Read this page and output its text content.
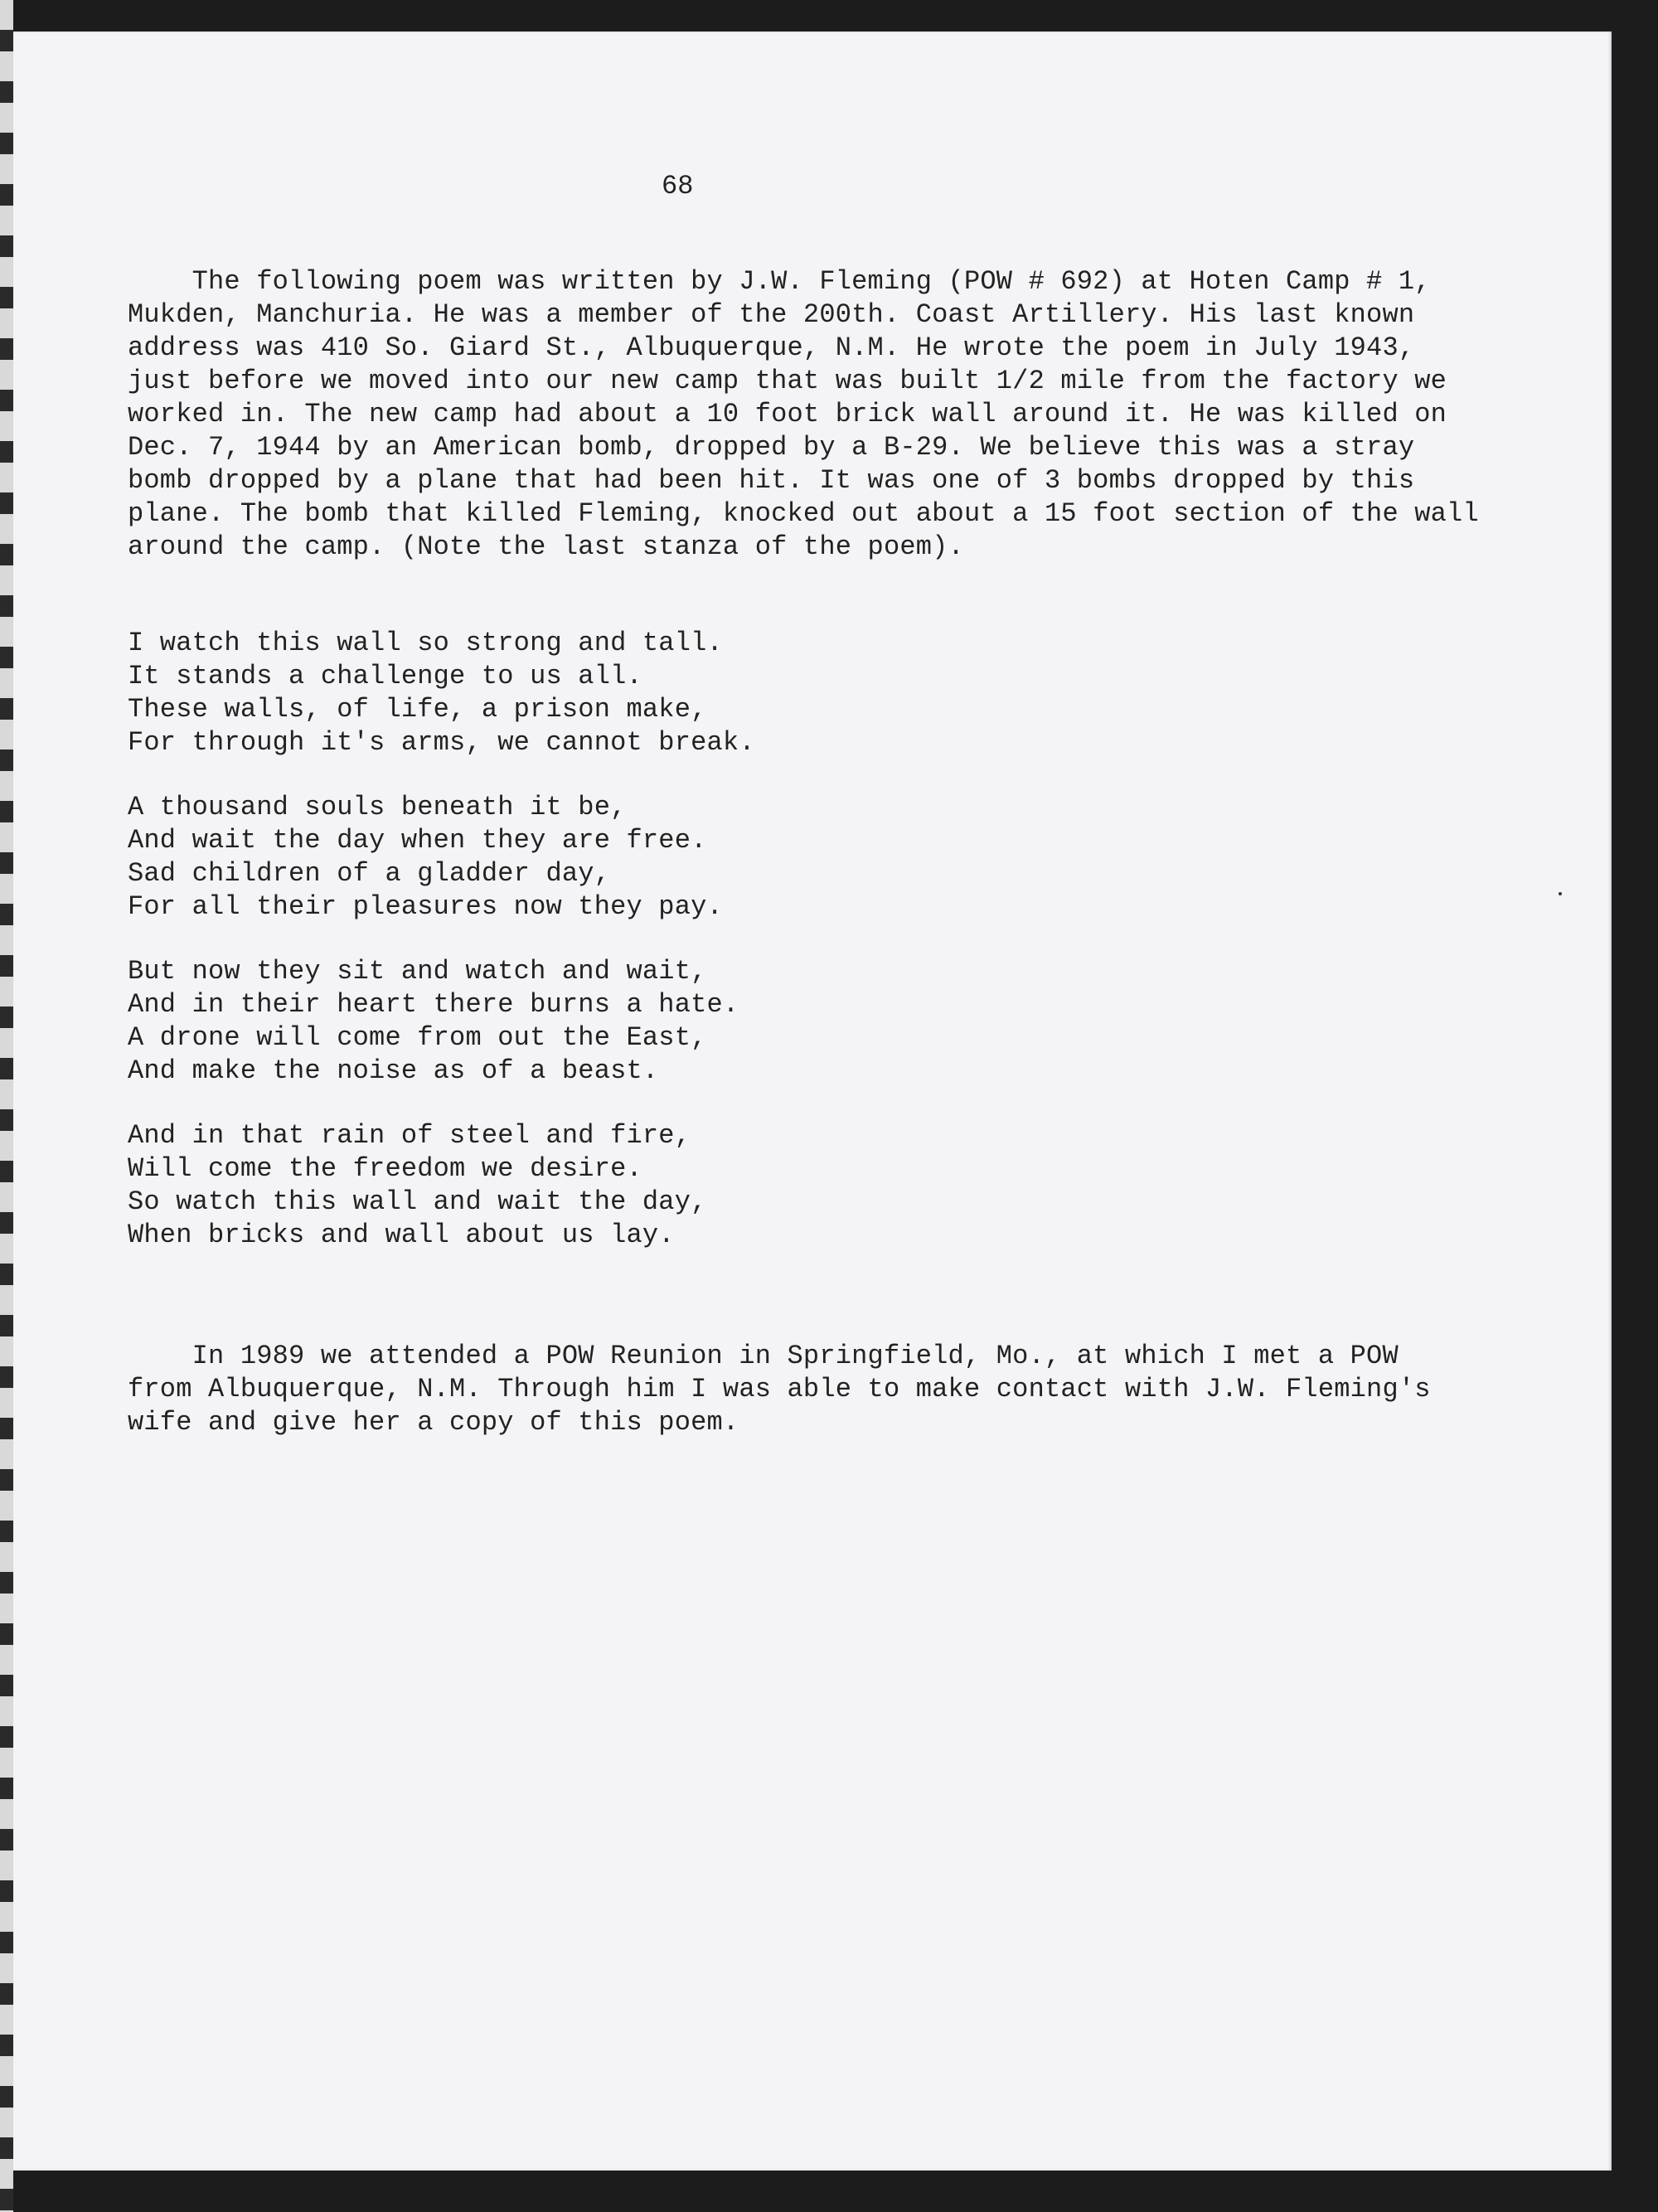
68

The following poem was written by J.W. Fleming (POW # 692) at Hoten Camp # 1,

Mukden, Manchuria. He was a member of the 200th. Coast Artillery. His last known

address was 410 So. Giard St., Albuquerque, N.M. He wrote the poem in July 1943,

just before we moved into our new camp that was built 1/2 mile from the factory we

worked in. The new camp had about a 10 foot brick wall around it. He was killed on

Dec. 7, 1944 by an American bomb, dropped by a B-29. We believe this was a stray

bomb dropped by a plane that had been hit. It was one of 3 bombs dropped by this

plane. The bomb that killed Fleming, knocked out about a 15 foot section of the wall

around the camp. (Note the last stanza of the poem).

I watch this wall so strong and tall.

It stands a challenge to us all.

These walls, of life, a prison make,

For through it's arms, we cannot break.

A thousand souls beneath it be,

And wait the day when they are free.

Sad children of a gladder day,

For all their pleasures now they pay.

But now they sit and watch and wait,

And in their heart there burns a hate.

A drone will come from out the East,

And make the noise as of a beast.

And in that rain of steel and fire,

Will come the freedom we desire.

So watch this wall and wait the day,

When bricks and wall about us lay.

In 1989 we attended a POW Reunion in Springfield, Mo., at which I met a POW

from Albuquerque, N.M. Through him I was able to make contact with J.W. Fleming's

wife and give her a copy of this poem.
